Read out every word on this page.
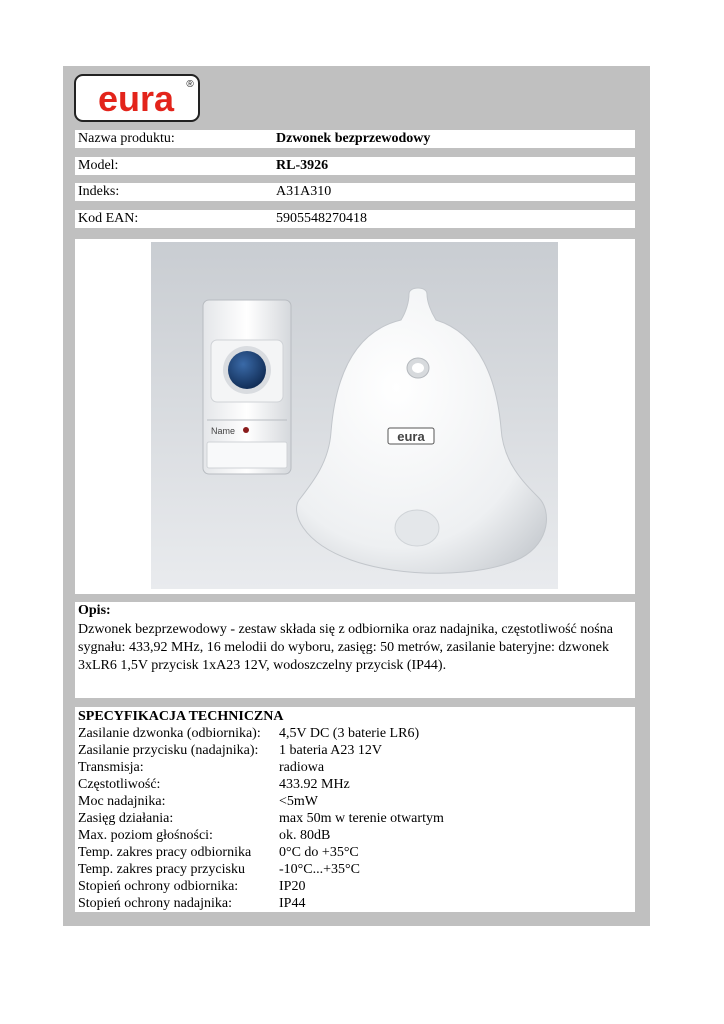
eura ®
Nazwa produktu:	Dzwonek bezprzewodowy
Model:	RL-3926
Indeks:	A31A310
Kod EAN:	5905548270418
Name	eura
Opis:
Dzwonek bezprzewodowy - zestaw składa się z odbiornika oraz nadajnika, częstotliwość nośna sygnału: 433,92 MHz, 16 melodii do wyboru, zasięg: 50 metrów, zasilanie bateryjne: dzwonek 3xLR6 1,5V przycisk 1xA23 12V, wodoszczelny przycisk (IP44).
SPECYFIKACJA TECHNICZNA
Zasilanie dzwonka (odbiornika): 4,5V DC (3 baterie LR6)
Zasilanie przycisku (nadajnika): 1 bateria A23 12V
Transmisja:	radiowa
Częstotliwość:	433.92 MHz
Moc nadajnika:	<5mW
Zasięg działania:	max 50m w terenie otwartym
Max. poziom głośności:	ok. 80dB
Temp. zakres pracy odbiornika 0°C do +35°C
Temp. zakres pracy przycisku -10°C...+35°C
Stopień ochrony odbiornika:	IP20
Stopień ochrony nadajnika:	IP44
